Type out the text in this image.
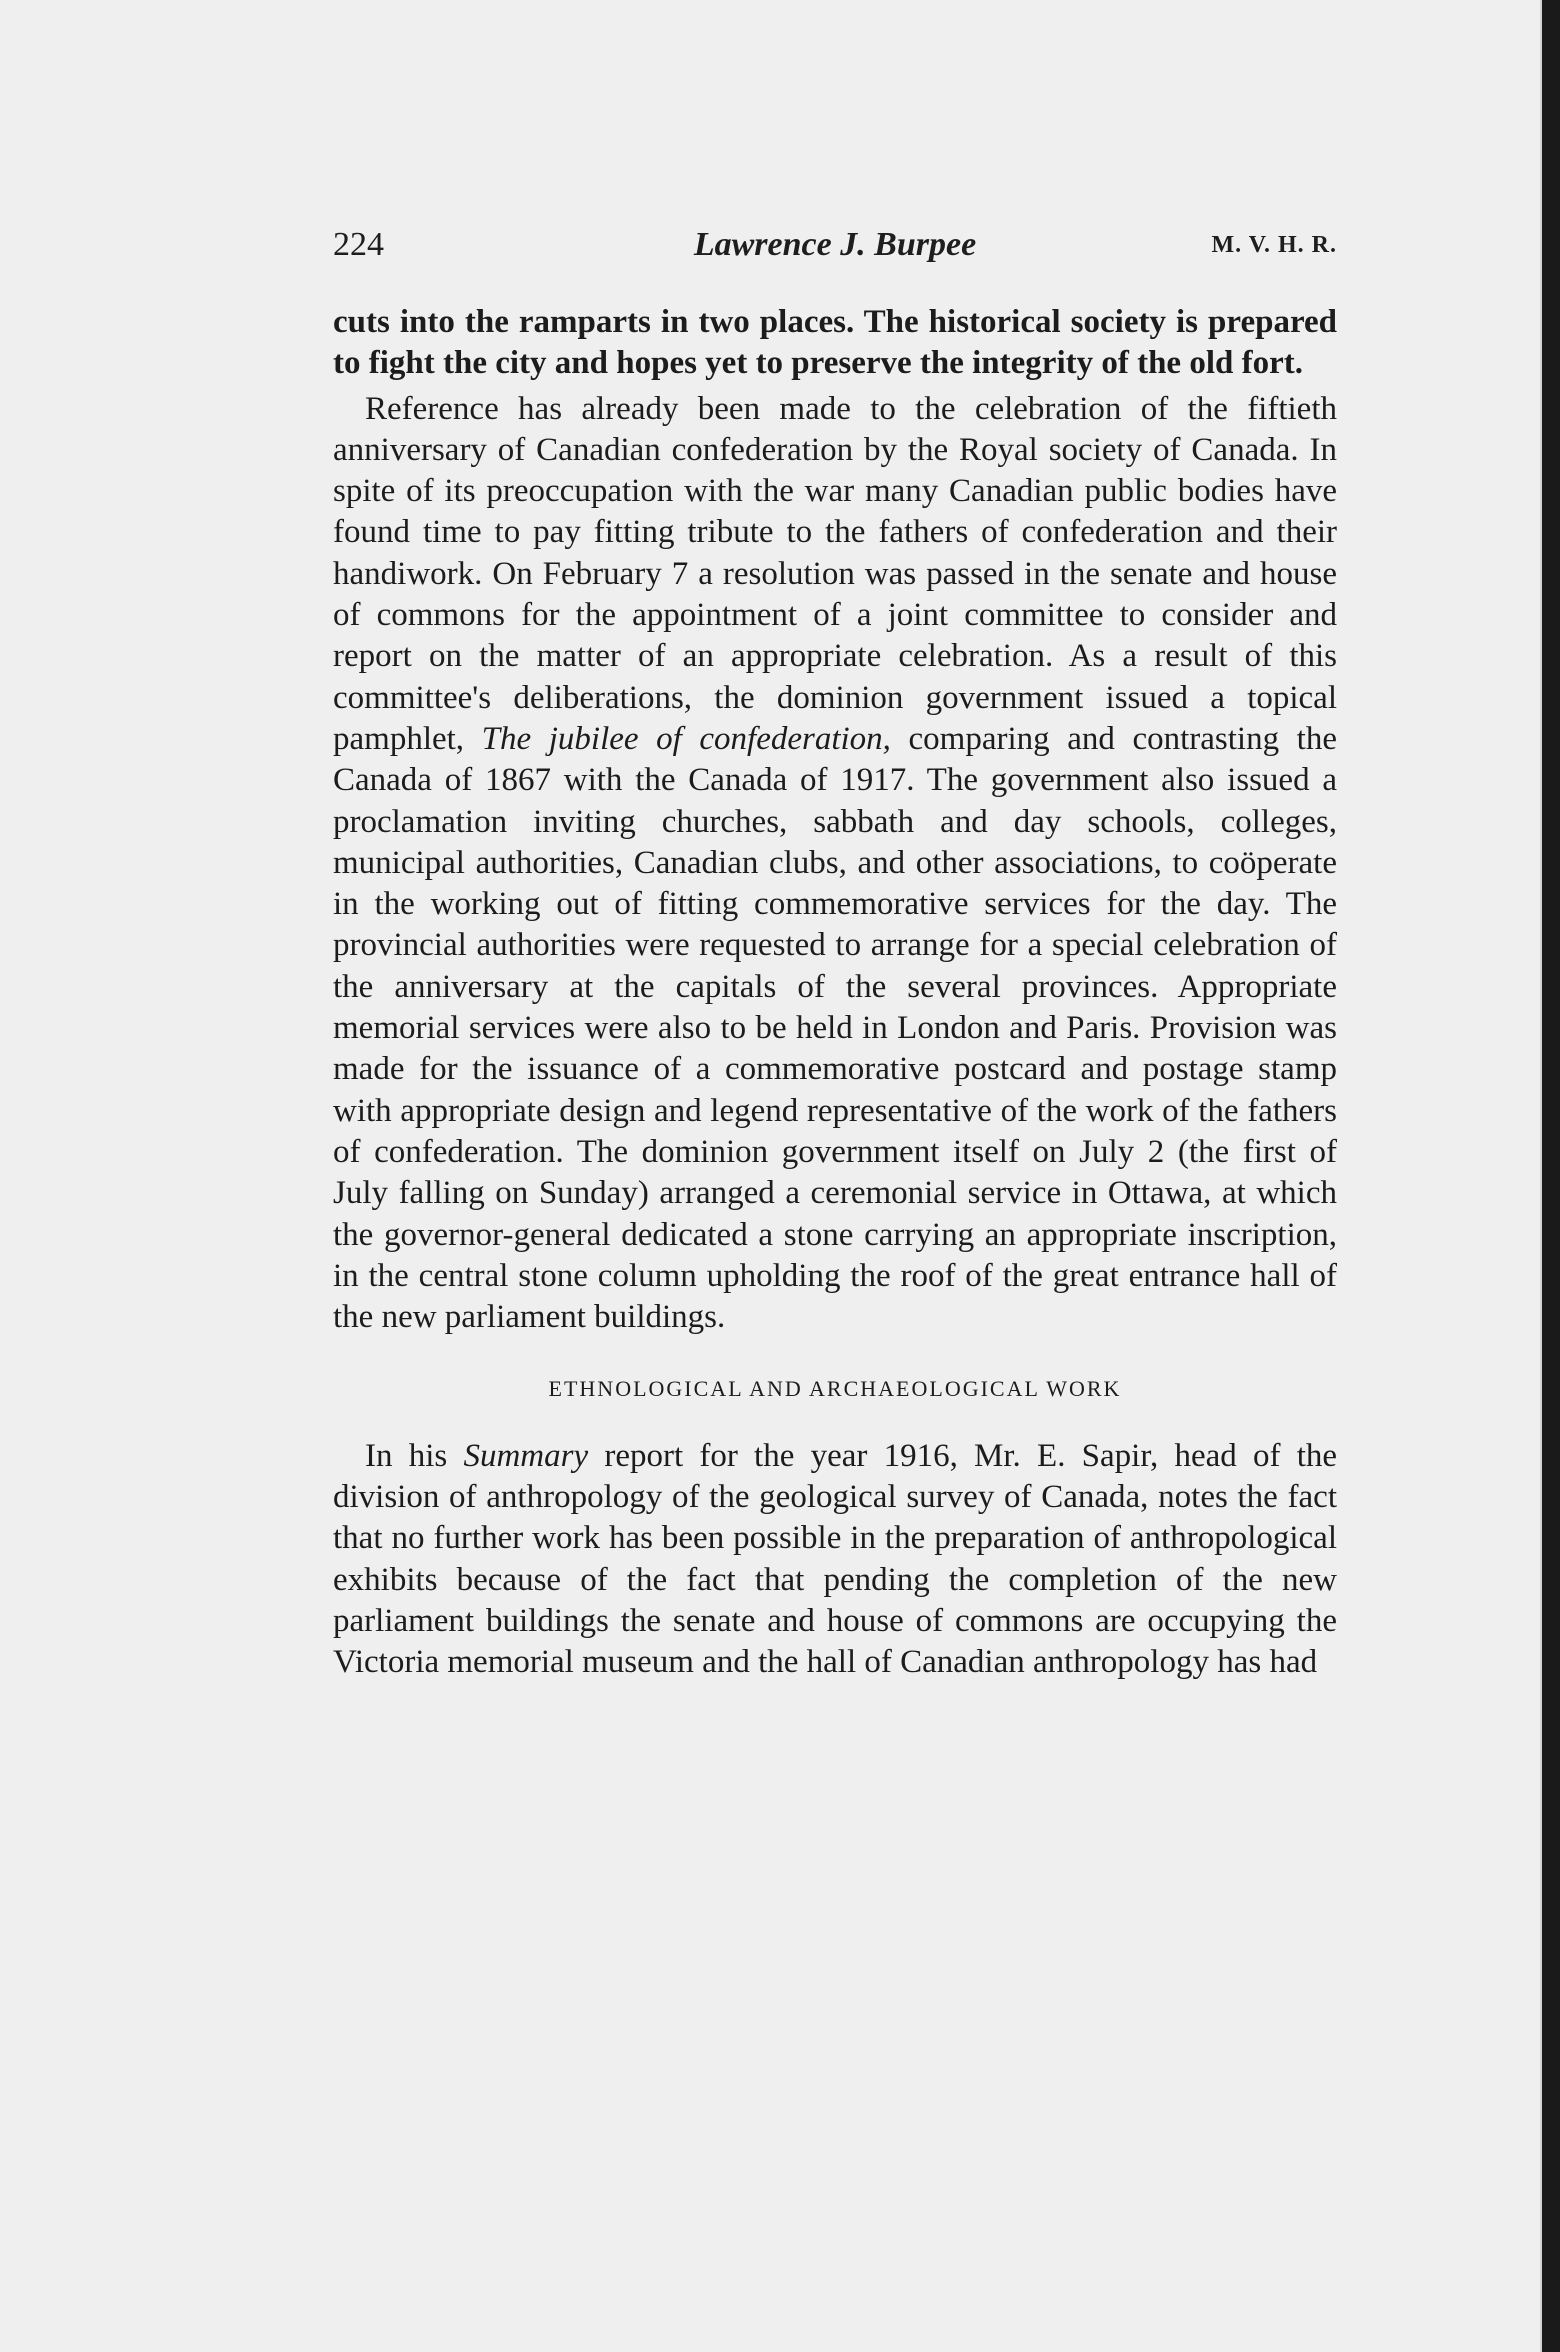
224	Lawrence J. Burpee	M. V. H. R.

cuts into the ramparts in two places. The historical society is prepared to fight the city and hopes yet to preserve the integrity of the old fort.

Reference has already been made to the celebration of the fiftieth anniversary of Canadian confederation by the Royal society of Canada. In spite of its preoccupation with the war many Canadian public bodies have found time to pay fitting tribute to the fathers of confederation and their handiwork. On February 7 a resolution was passed in the senate and house of commons for the appointment of a joint committee to consider and report on the matter of an appropriate celebration. As a result of this committee's deliberations, the dominion government issued a topical pamphlet, The jubilee of confederation, comparing and contrasting the Canada of 1867 with the Canada of 1917. The government also issued a proclamation inviting churches, sabbath and day schools, colleges, municipal authorities, Canadian clubs, and other associations, to coöperate in the working out of fitting commemorative services for the day. The provincial authorities were requested to arrange for a special celebration of the anniversary at the capitals of the several provinces. Appropriate memorial services were also to be held in London and Paris. Provision was made for the issuance of a commemorative postcard and postage stamp with appropriate design and legend representative of the work of the fathers of confederation. The dominion government itself on July 2 (the first of July falling on Sunday) arranged a ceremonial service in Ottawa, at which the governor-general dedicated a stone carrying an appropriate inscription, in the central stone column upholding the roof of the great entrance hall of the new parliament buildings.

ETHNOLOGICAL AND ARCHAEOLOGICAL WORK

In his Summary report for the year 1916, Mr. E. Sapir, head of the division of anthropology of the geological survey of Canada, notes the fact that no further work has been possible in the preparation of anthropological exhibits because of the fact that pending the completion of the new parliament buildings the senate and house of commons are occupying the Victoria memorial museum and the hall of Canadian anthropology has had
